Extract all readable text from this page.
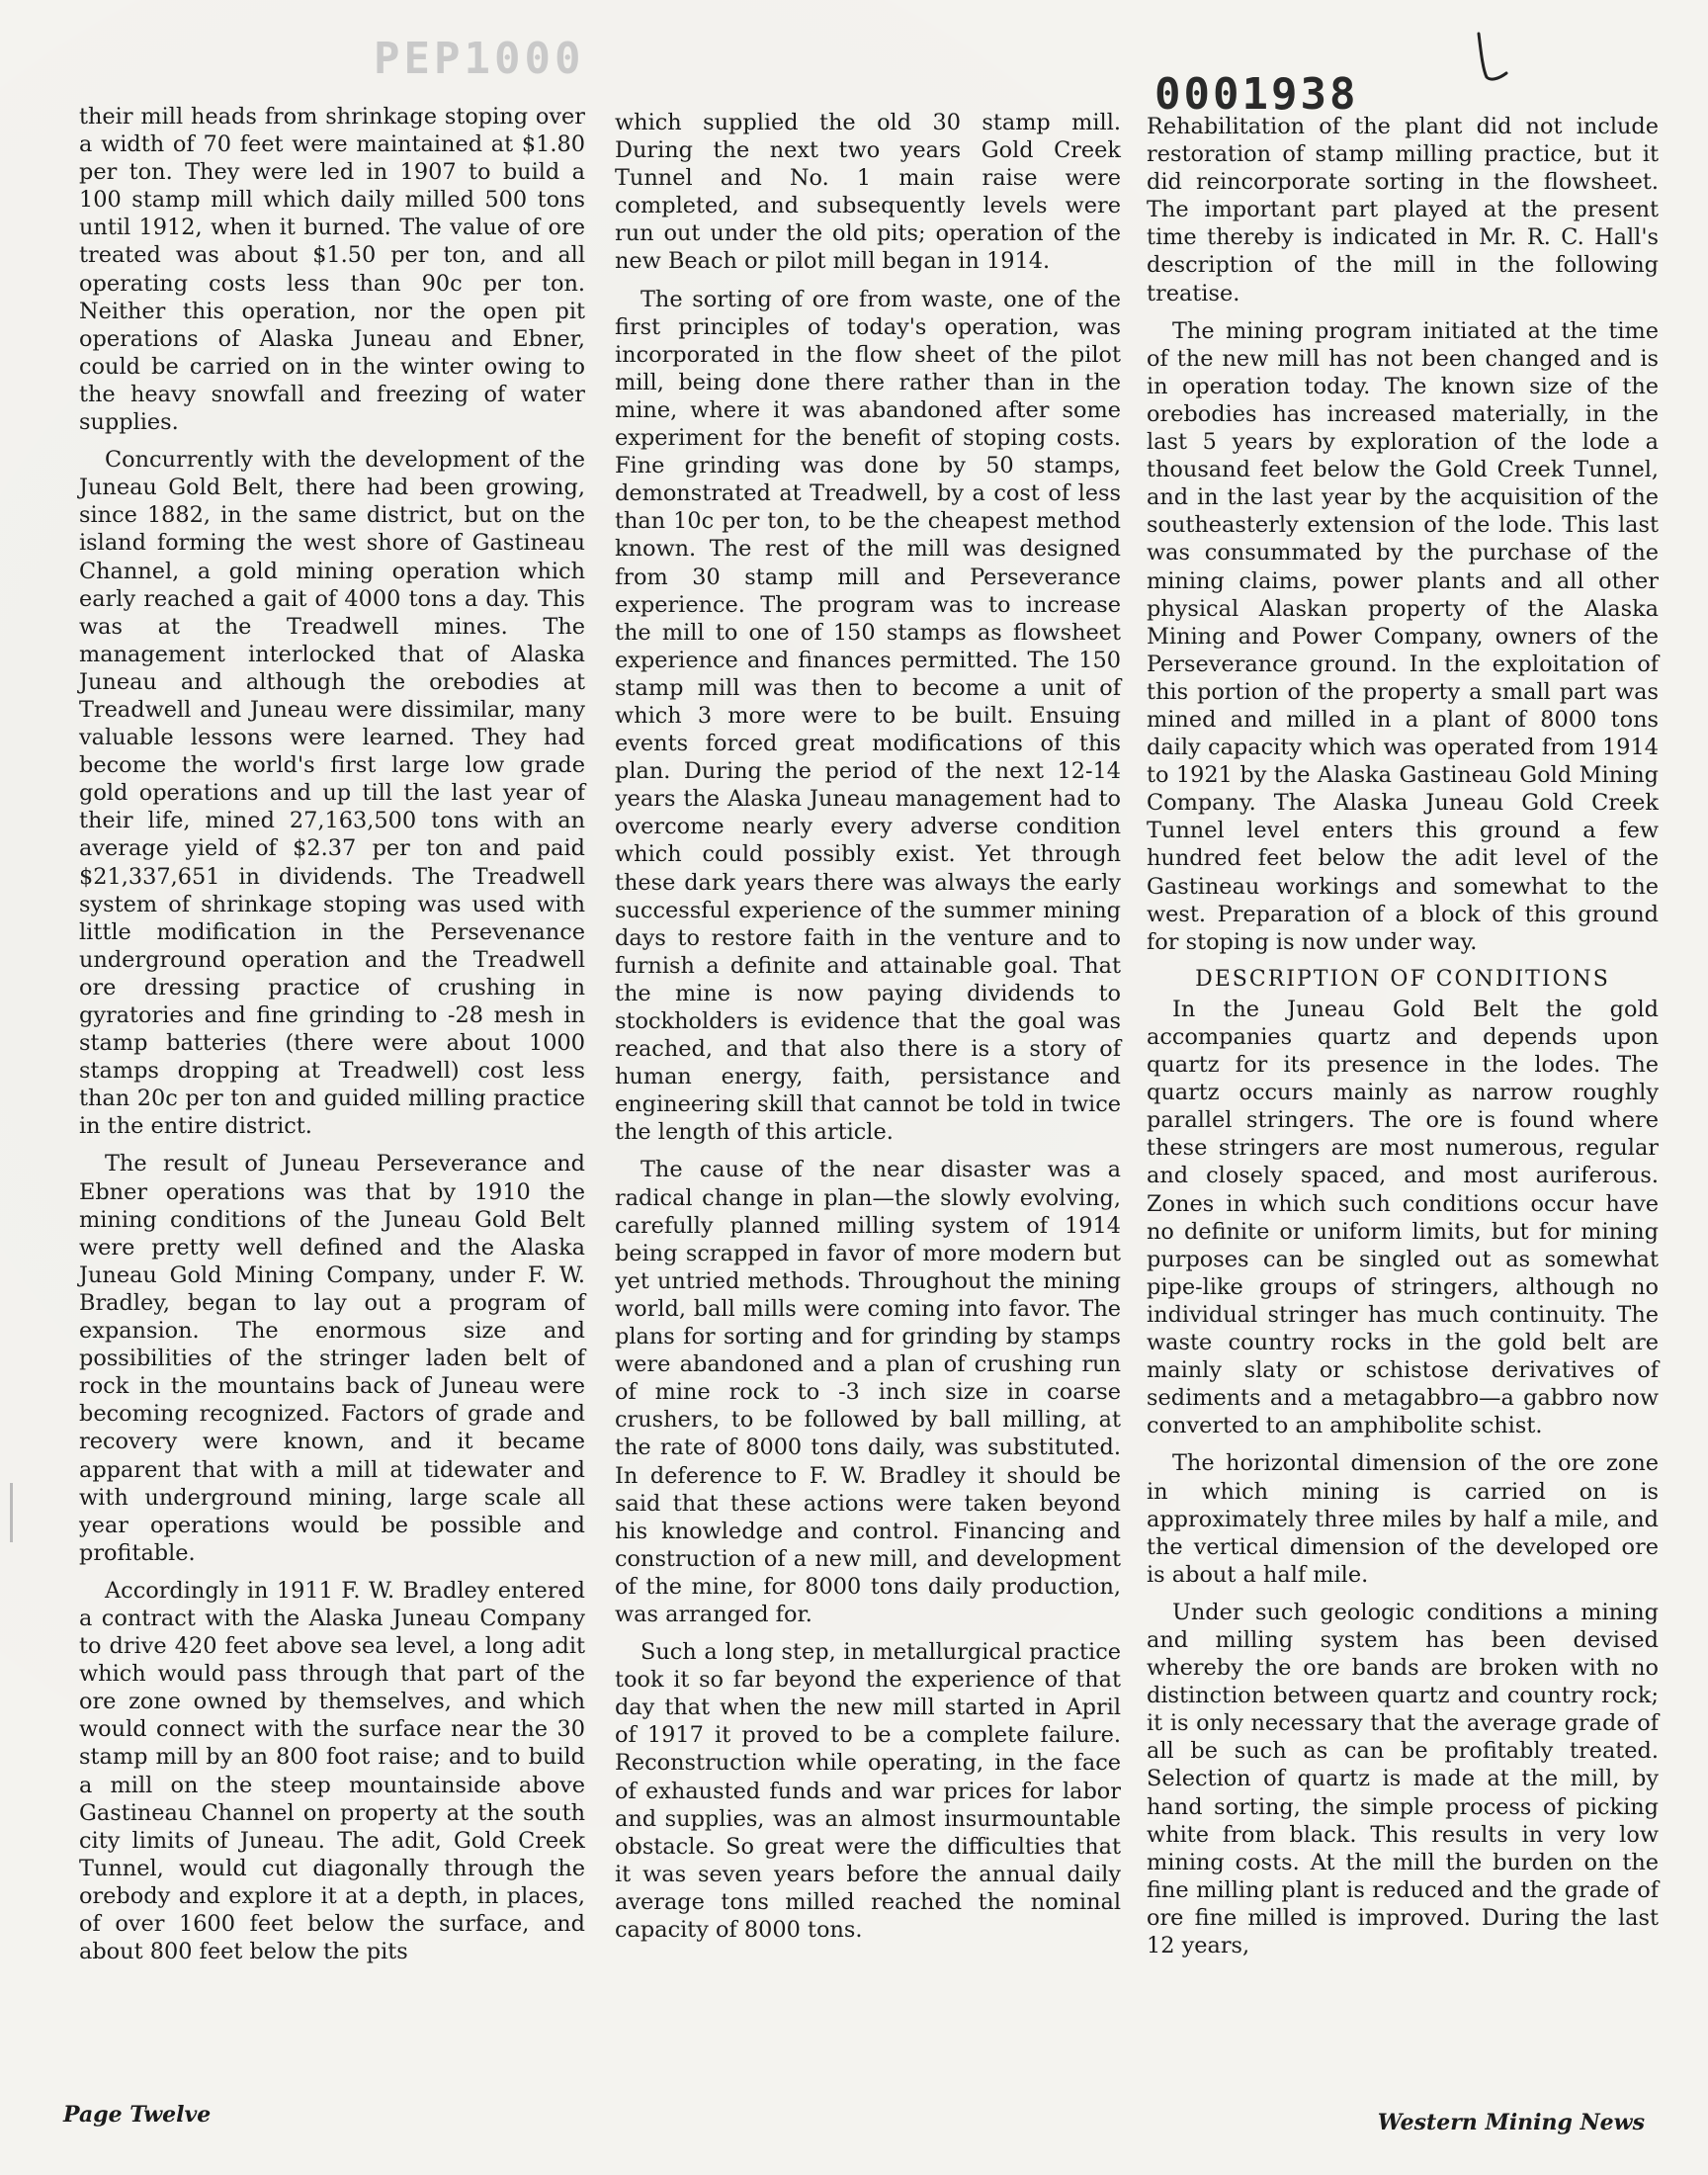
PEP1000
0001938

their mill heads from shrinkage stoping over a width of 70 feet were maintained at $1.80 per ton. They were led in 1907 to build a 100 stamp mill which daily milled 500 tons until 1912, when it burned. The value of ore treated was about $1.50 per ton, and all operating costs less than 90c per ton. Neither this operation, nor the open pit operations of Alaska Juneau and Ebner, could be carried on in the winter owing to the heavy snowfall and freezing of water supplies.

Concurrently with the development of the Juneau Gold Belt, there had been growing, since 1882, in the same district, but on the island forming the west shore of Gastineau Channel, a gold mining operation which early reached a gait of 4000 tons a day. This was at the Treadwell mines. The management interlocked that of Alaska Juneau and although the orebodies at Treadwell and Juneau were dissimilar, many valuable lessons were learned. They had become the world's first large low grade gold operations and up till the last year of their life, mined 27,163,500 tons with an average yield of $2.37 per ton and paid $21,337,651 in dividends. The Treadwell system of shrinkage stoping was used with little modification in the Persevenance underground operation and the Treadwell ore dressing practice of crushing in gyratories and fine grinding to -28 mesh in stamp batteries (there were about 1000 stamps dropping at Treadwell) cost less than 20c per ton and guided milling practice in the entire district.

The result of Juneau Perseverance and Ebner operations was that by 1910 the mining conditions of the Juneau Gold Belt were pretty well defined and the Alaska Juneau Gold Mining Company, under F. W. Bradley, began to lay out a program of expansion. The enormous size and possibilities of the stringer laden belt of rock in the mountains back of Juneau were becoming recognized. Factors of grade and recovery were known, and it became apparent that with a mill at tidewater and with underground mining, large scale all year operations would be possible and profitable.

Accordingly in 1911 F. W. Bradley entered a contract with the Alaska Juneau Company to drive 420 feet above sea level, a long adit which would pass through that part of the ore zone owned by themselves, and which would connect with the surface near the 30 stamp mill by an 800 foot raise; and to build a mill on the steep mountainside above Gastineau Channel on property at the south city limits of Juneau. The adit, Gold Creek Tunnel, would cut diagonally through the orebody and explore it at a depth, in places, of over 1600 feet below the surface, and about 800 feet below the pits

which supplied the old 30 stamp mill. During the next two years Gold Creek Tunnel and No. 1 main raise were completed, and subsequently levels were run out under the old pits; operation of the new Beach or pilot mill began in 1914.

The sorting of ore from waste, one of the first principles of today's operation, was incorporated in the flow sheet of the pilot mill, being done there rather than in the mine, where it was abandoned after some experiment for the benefit of stoping costs. Fine grinding was done by 50 stamps, demonstrated at Treadwell, by a cost of less than 10c per ton, to be the cheapest method known. The rest of the mill was designed from 30 stamp mill and Perseverance experience. The program was to increase the mill to one of 150 stamps as flowsheet experience and finances permitted. The 150 stamp mill was then to become a unit of which 3 more were to be built. Ensuing events forced great modifications of this plan. During the period of the next 12-14 years the Alaska Juneau management had to overcome nearly every adverse condition which could possibly exist. Yet through these dark years there was always the early successful experience of the summer mining days to restore faith in the venture and to furnish a definite and attainable goal. That the mine is now paying dividends to stockholders is evidence that the goal was reached, and that also there is a story of human energy, faith, persistance and engineering skill that cannot be told in twice the length of this article.

The cause of the near disaster was a radical change in plan—the slowly evolving, carefully planned milling system of 1914 being scrapped in favor of more modern but yet untried methods. Throughout the mining world, ball mills were coming into favor. The plans for sorting and for grinding by stamps were abandoned and a plan of crushing run of mine rock to -3 inch size in coarse crushers, to be followed by ball milling, at the rate of 8000 tons daily, was substituted. In deference to F. W. Bradley it should be said that these actions were taken beyond his knowledge and control. Financing and construction of a new mill, and development of the mine, for 8000 tons daily production, was arranged for.

Such a long step, in metallurgical practice took it so far beyond the experience of that day that when the new mill started in April of 1917 it proved to be a complete failure. Reconstruction while operating, in the face of exhausted funds and war prices for labor and supplies, was an almost insurmountable obstacle. So great were the difficulties that it was seven years before the annual daily average tons milled reached the nominal capacity of 8000 tons.

Rehabilitation of the plant did not include restoration of stamp milling practice, but it did reincorporate sorting in the flowsheet. The important part played at the present time thereby is indicated in Mr. R. C. Hall's description of the mill in the following treatise.

The mining program initiated at the time of the new mill has not been changed and is in operation today. The known size of the orebodies has increased materially, in the last 5 years by exploration of the lode a thousand feet below the Gold Creek Tunnel, and in the last year by the acquisition of the southeasterly extension of the lode. This last was consummated by the purchase of the mining claims, power plants and all other physical Alaskan property of the Alaska Mining and Power Company, owners of the Perseverance ground. In the exploitation of this portion of the property a small part was mined and milled in a plant of 8000 tons daily capacity which was operated from 1914 to 1921 by the Alaska Gastineau Gold Mining Company. The Alaska Juneau Gold Creek Tunnel level enters this ground a few hundred feet below the adit level of the Gastineau workings and somewhat to the west. Preparation of a block of this ground for stoping is now under way.

DESCRIPTION OF CONDITIONS

In the Juneau Gold Belt the gold accompanies quartz and depends upon quartz for its presence in the lodes. The quartz occurs mainly as narrow roughly parallel stringers. The ore is found where these stringers are most numerous, regular and closely spaced, and most auriferous. Zones in which such conditions occur have no definite or uniform limits, but for mining purposes can be singled out as somewhat pipe-like groups of stringers, although no individual stringer has much continuity. The waste country rocks in the gold belt are mainly slaty or schistose derivatives of sediments and a metagabbro—a gabbro now converted to an amphibolite schist.

The horizontal dimension of the ore zone in which mining is carried on is approximately three miles by half a mile, and the vertical dimension of the developed ore is about a half mile.

Under such geologic conditions a mining and milling system has been devised whereby the ore bands are broken with no distinction between quartz and country rock; it is only necessary that the average grade of all be such as can be profitably treated. Selection of quartz is made at the mill, by hand sorting, the simple process of picking white from black. This results in very low mining costs. At the mill the burden on the fine milling plant is reduced and the grade of ore fine milled is improved. During the last 12 years,

Page Twelve	Western Mining News
